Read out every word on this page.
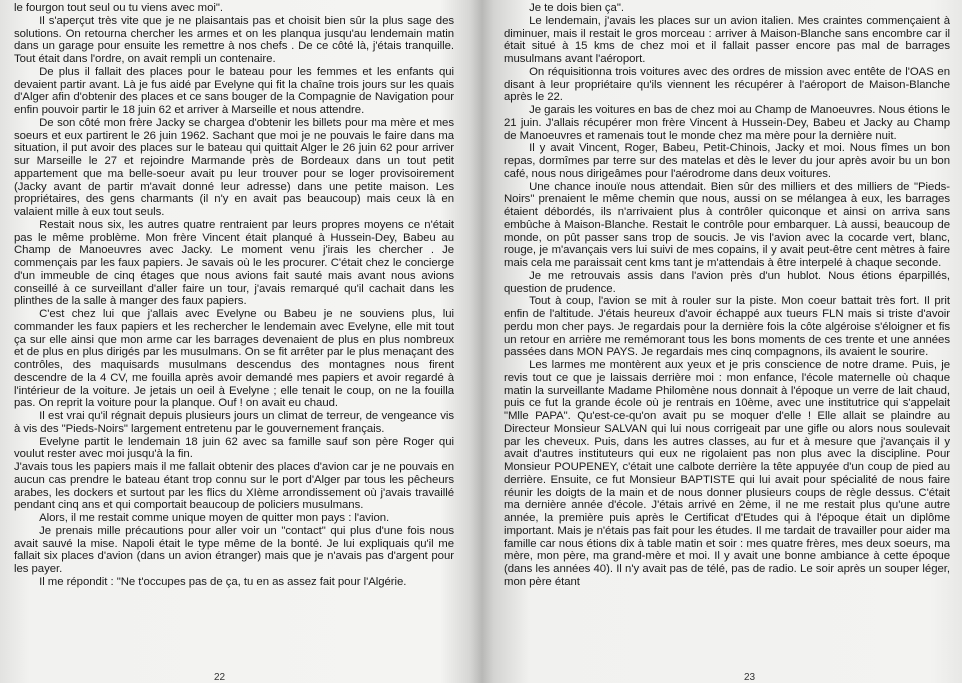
le fourgon tout seul ou tu viens avec moi".

Il s'aperçut très vite que je ne plaisantais pas et choisit bien sûr la plus sage des solutions. On retourna chercher les armes et on les planqua jusqu'au lendemain matin dans un garage pour ensuite les remettre à nos chefs . De ce côté là, j'étais tranquille. Tout était dans l'ordre, on avait rempli un contenaire.

De plus il fallait des places pour le bateau pour les femmes et les enfants qui devaient partir avant. Là je fus aidé par Evelyne qui fit la chaîne trois jours sur les quais d'Alger afin d'obtenir des places et ce sans bouger de la Compagnie de Navigation pour enfin pouvoir partir le 18 juin 62 et arriver à Marseille et nous attendre.

De son côté mon frère Jacky se chargea d'obtenir les billets pour ma mère et mes soeurs et eux partirent le 26 juin 1962. Sachant que moi je ne pouvais le faire dans ma situation, il put avoir des places sur le bateau qui quittait Alger le 26 juin 62 pour arriver sur Marseille le 27 et rejoindre Marmande près de Bordeaux dans un tout petit appartement que ma belle-soeur avait pu leur trouver pour se loger provisoirement (Jacky avant de partir m'avait donné leur adresse) dans une petite maison. Les propriétaires, des gens charmants (il n'y en avait pas beaucoup) mais ceux là en valaient mille à eux tout seuls.

Restait nous six, les autres quatre rentraient par leurs propres moyens ce n'était pas le même problème. Mon frère Vincent était planqué à Hussein-Dey, Babeu au Champ de Manoeuvres avec Jacky. Le moment venu j'irais les chercher . Je commençais par les faux papiers. Je savais où le les procurer. C'était chez le concierge d'un immeuble de cinq étages que nous avions fait sauté mais avant nous avions conseillé à ce surveillant d'aller faire un tour, j'avais remarqué qu'il cachait dans les plinthes de la salle à manger des faux papiers.

C'est chez lui que j'allais avec Evelyne ou Babeu je ne souviens plus, lui commander les faux papiers et les rechercher le lendemain avec Evelyne, elle mit tout ça sur elle ainsi que mon arme car les barrages devenaient de plus en plus nombreux et de plus en plus dirigés par les musulmans. On se fit arrêter par le plus menaçant des contrôles, des maquisards musulmans descendus des montagnes nous firent descendre de la 4 CV, me fouilla après avoir demandé mes papiers et avoir regardé à l'intérieur de la voiture. Je jetais un oeil à Evelyne ; elle tenait le coup, on ne la fouilla pas. On reprit la voiture pour la planque. Ouf ! on avait eu chaud.

Il est vrai qu'il régnait depuis plusieurs jours un climat de terreur, de vengeance vis à vis des "Pieds-Noirs" largement entretenu par le gouvernement français.

Evelyne partit le lendemain 18 juin 62 avec sa famille sauf son père Roger qui voulut rester avec moi jusqu'à la fin.

J'avais tous les papiers mais il me fallait obtenir des places d'avion car je ne pouvais en aucun cas prendre le bateau étant trop connu sur le port d'Alger par tous les pêcheurs arabes, les dockers et surtout par les flics du XIème arrondissement où j'avais travaillé pendant cinq ans et qui comportait beaucoup de policiers musulmans.

Alors, il me restait comme unique moyen de quitter mon pays : l'avion.

Je prenais mille précautions pour aller voir un "contact" qui plus d'une fois nous avait sauvé la mise. Napoli était le type même de la bonté. Je lui expliquais qu'il me fallait six places d'avion (dans un avion étranger) mais que je n'avais pas d'argent pour les payer.

Il me répondit : "Ne t'occupes pas de ça, tu en as assez fait pour l'Algérie.

22

Je te dois bien ça".

Le lendemain, j'avais les places sur un avion italien. Mes craintes commençaient à diminuer, mais il restait le gros morceau : arriver à Maison-Blanche sans encombre car il était situé à 15 kms de chez moi et il fallait passer encore pas mal de barrages musulmans avant l'aéroport.

On réquisitionna trois voitures avec des ordres de mission avec entête de l'OAS en disant à leur propriétaire qu'ils viennent les récupérer à l'aéroport de Maison-Blanche après le 22.

Je garais les voitures en bas de chez moi au Champ de Manoeuvres. Nous étions le 21 juin. J'allais récupérer mon frère Vincent à Hussein-Dey, Babeu et Jacky au Champ de Manoeuvres et ramenais tout le monde chez ma mère pour la dernière nuit.

Il y avait Vincent, Roger, Babeu, Petit-Chinois, Jacky et moi. Nous fîmes un bon repas, dormîmes par terre sur des matelas et dès le lever du jour après avoir bu un bon café, nous nous dirigeâmes pour l'aérodrome dans deux voitures.

Une chance inouïe nous attendait. Bien sûr des milliers et des milliers de "Pieds-Noirs" prenaient le même chemin que nous, aussi on se mélangea à eux, les barrages étaient débordés, ils n'arrivaient plus à contrôler quiconque et ainsi on arriva sans embûche à Maison-Blanche. Restait le contrôle pour embarquer. Là aussi, beaucoup de monde, on pût passer sans trop de soucis. Je vis l'avion avec la cocarde vert, blanc, rouge, je m'avançais vers lui suivi de mes copains, il y avait peut-être cent mètres à faire mais cela me paraissait cent kms tant je m'attendais à être interpelé à chaque seconde.

Je me retrouvais assis dans l'avion près d'un hublot. Nous étions éparpillés, question de prudence.

Tout à coup, l'avion se mit à rouler sur la piste. Mon coeur battait très fort. Il prit enfin de l'altitude. J'étais heureux d'avoir échappé aux tueurs FLN mais si triste d'avoir perdu mon cher pays. Je regardais pour la dernière fois la côte algéroise s'éloigner et fis un retour en arrière me remémorant tous les bons moments de ces trente et une années passées dans MON PAYS. Je regardais mes cinq compagnons, ils avaient le sourire.

Les larmes me montèrent aux yeux et je pris conscience de notre drame. Puis, je revis tout ce que je laissais derrière moi : mon enfance, l'école maternelle où chaque matin la surveillante Madame Philomène nous donnait à l'époque un verre de lait chaud, puis ce fut la grande école où je rentrais en 10ème, avec une institutrice qui s'appelait "Mlle PAPA". Qu'est-ce-qu'on avait pu se moquer d'elle ! Elle allait se plaindre au Directeur Monsieur SALVAN qui lui nous corrigeait par une gifle ou alors nous soulevait par les cheveux. Puis, dans les autres classes, au fur et à mesure que j'avançais il y avait d'autres instituteurs qui eux ne rigolaient pas non plus avec la discipline. Pour Monsieur POUPENEY, c'était une calbote derrière la tête appuyée d'un coup de pied au derrière. Ensuite, ce fut Monsieur BAPTISTE qui lui avait pour spécialité de nous faire réunir les doigts de la main et de nous donner plusieurs coups de règle dessus. C'était ma dernière année d'école. J'étais arrivé en 2ème, il ne me restait plus qu'une autre année, la première puis après le Certificat d'Etudes qui à l'époque était un diplôme important. Mais je n'étais pas fait pour les études. Il me tardait de travailler pour aider ma famille car nous étions dix à table matin et soir : mes quatre frères, mes deux soeurs, ma mère, mon père, ma grand-mère et moi. Il y avait une bonne ambiance à cette époque (dans les années 40). Il n'y avait pas de télé, pas de radio. Le soir après un souper léger, mon père étant

23
